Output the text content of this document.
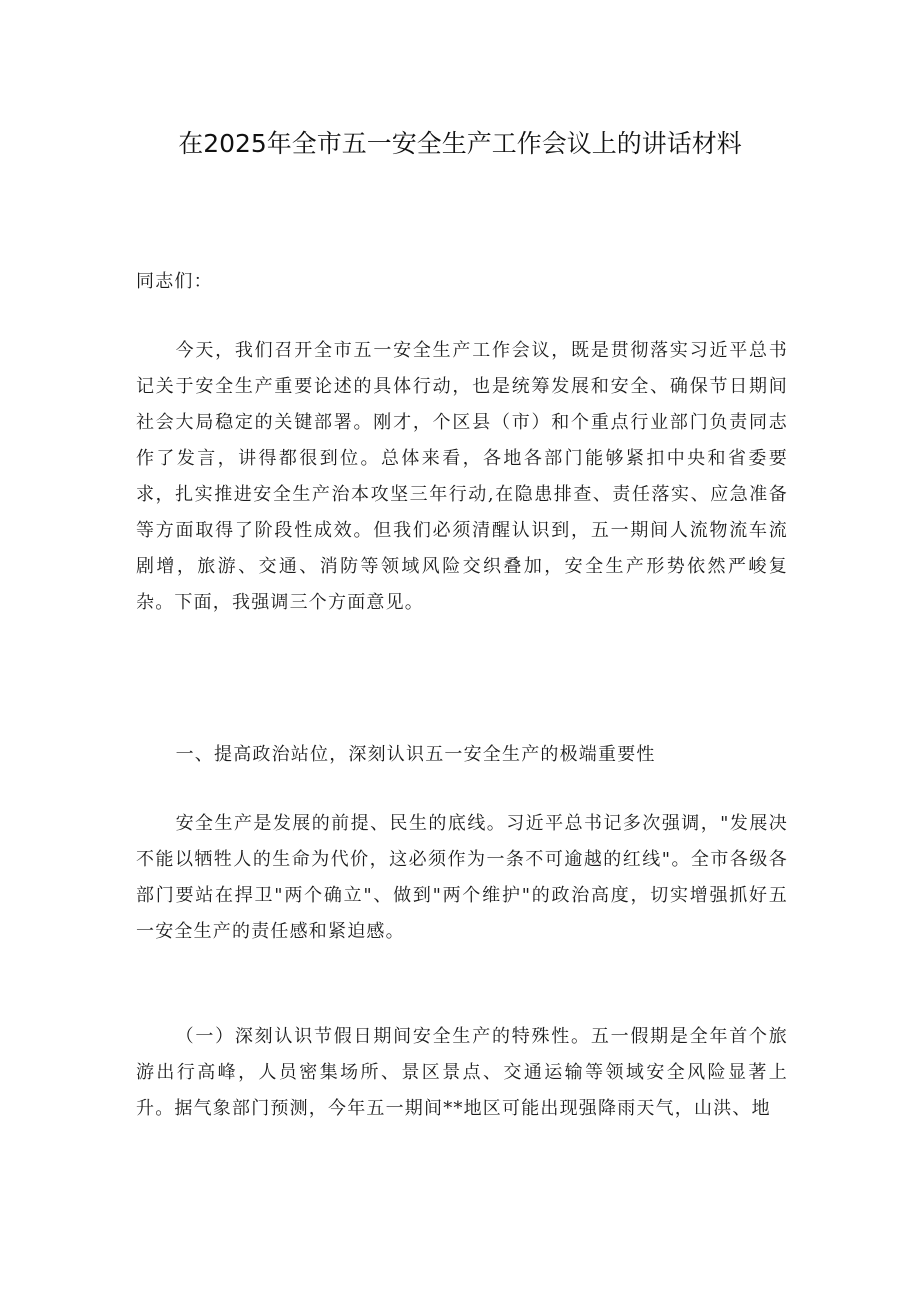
在2025年全市五一安全生产工作会议上的讲话材料

同志们：

今天，我们召开全市五一安全生产工作会议，既是贯彻落实习近平总书记关于安全生产重要论述的具体行动，也是统筹发展和安全、确保节日期间社会大局稳定的关键部署。刚才，个区县（市）和个重点行业部门负责同志作了发言，讲得都很到位。总体来看，各地各部门能够紧扣中央和省委要求，扎实推进安全生产治本攻坚三年行动,在隐患排查、责任落实、应急准备等方面取得了阶段性成效。但我们必须清醒认识到，五一期间人流物流车流剧增，旅游、交通、消防等领域风险交织叠加，安全生产形势依然严峻复杂。下面，我强调三个方面意见。

一、提高政治站位，深刻认识五一安全生产的极端重要性

安全生产是发展的前提、民生的底线。习近平总书记多次强调，"发展决不能以牺牲人的生命为代价，这必须作为一条不可逾越的红线"。全市各级各部门要站在捍卫"两个确立"、做到"两个维护"的政治高度，切实增强抓好五一安全生产的责任感和紧迫感。

（一）深刻认识节假日期间安全生产的特殊性。五一假期是全年首个旅游出行高峰，人员密集场所、景区景点、交通运输等领域安全风险显著上升。据气象部门预测，今年五一期间**地区可能出现强降雨天气，山洪、地
